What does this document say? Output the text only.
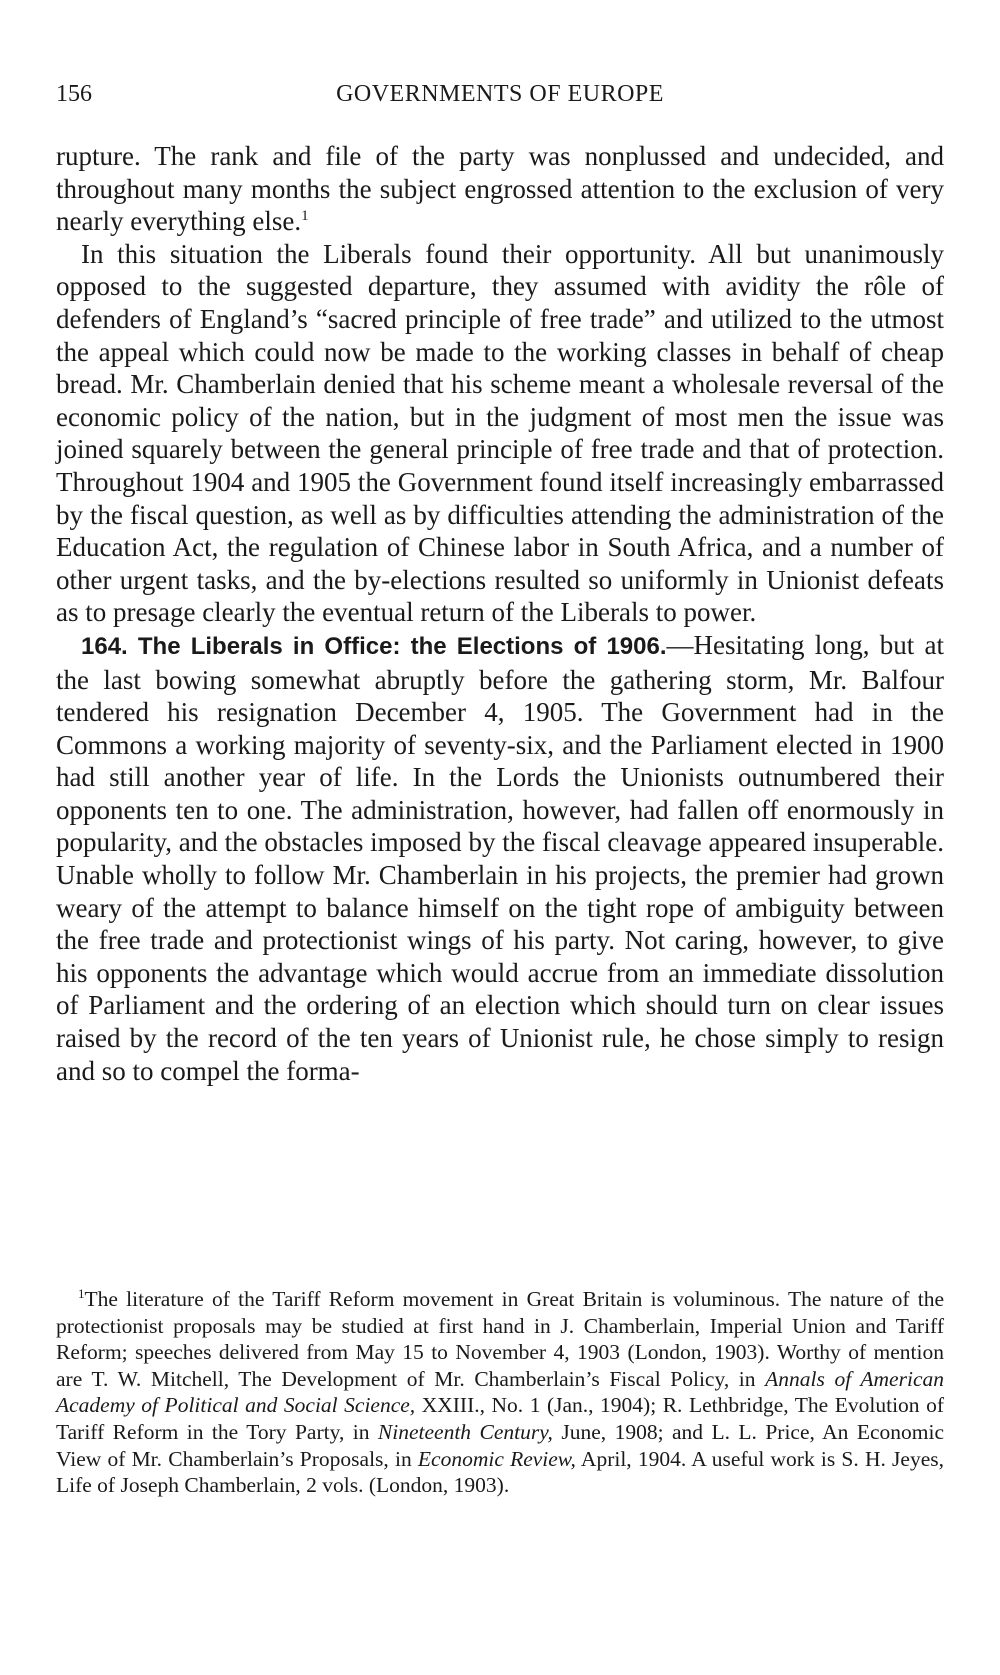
156	GOVERNMENTS OF EUROPE

rupture. The rank and file of the party was nonplussed and undecided, and throughout many months the subject engrossed attention to the exclusion of very nearly everything else.$^1$

In this situation the Liberals found their opportunity. All but unanimously opposed to the suggested departure, they assumed with avidity the rôle of defenders of England’s “sacred principle of free trade” and utilized to the utmost the appeal which could now be made to the working classes in behalf of cheap bread. Mr. Chamberlain denied that his scheme meant a wholesale reversal of the economic policy of the nation, but in the judgment of most men the issue was joined squarely between the general principle of free trade and that of protection. Throughout 1904 and 1905 the Government found itself increasingly embarrassed by the fiscal question, as well as by difficulties attending the administration of the Education Act, the regulation of Chinese labor in South Africa, and a number of other urgent tasks, and the by-elections resulted so uniformly in Unionist defeats as to presage clearly the eventual return of the Liberals to power.

164. The Liberals in Office: the Elections of 1906.—Hesitating long, but at the last bowing somewhat abruptly before the gathering storm, Mr. Balfour tendered his resignation December 4, 1905. The Government had in the Commons a working majority of seventy-six, and the Parliament elected in 1900 had still another year of life. In the Lords the Unionists outnumbered their opponents ten to one. The administration, however, had fallen off enormously in popularity, and the obstacles imposed by the fiscal cleavage appeared insuperable. Unable wholly to follow Mr. Chamberlain in his projects, the premier had grown weary of the attempt to balance himself on the tight rope of ambiguity between the free trade and protectionist wings of his party. Not caring, however, to give his opponents the advantage which would accrue from an immediate dissolution of Parliament and the ordering of an election which should turn on clear issues raised by the record of the ten years of Unionist rule, he chose simply to resign and so to compel the forma-

$^1$The literature of the Tariff Reform movement in Great Britain is voluminous. The nature of the protectionist proposals may be studied at first hand in J. Chamberlain, Imperial Union and Tariff Reform; speeches delivered from May 15 to November 4, 1903 (London, 1903). Worthy of mention are T. W. Mitchell, The Development of Mr. Chamberlain’s Fiscal Policy, in Annals of American Academy of Political and Social Science, XXIII., No. 1 (Jan., 1904); R. Lethbridge, The Evolution of Tariff Reform in the Tory Party, in Nineteenth Century, June, 1908; and L. L. Price, An Economic View of Mr. Chamberlain’s Proposals, in Economic Review, April, 1904. A useful work is S. H. Jeyes, Life of Joseph Chamberlain, 2 vols. (London, 1903).
